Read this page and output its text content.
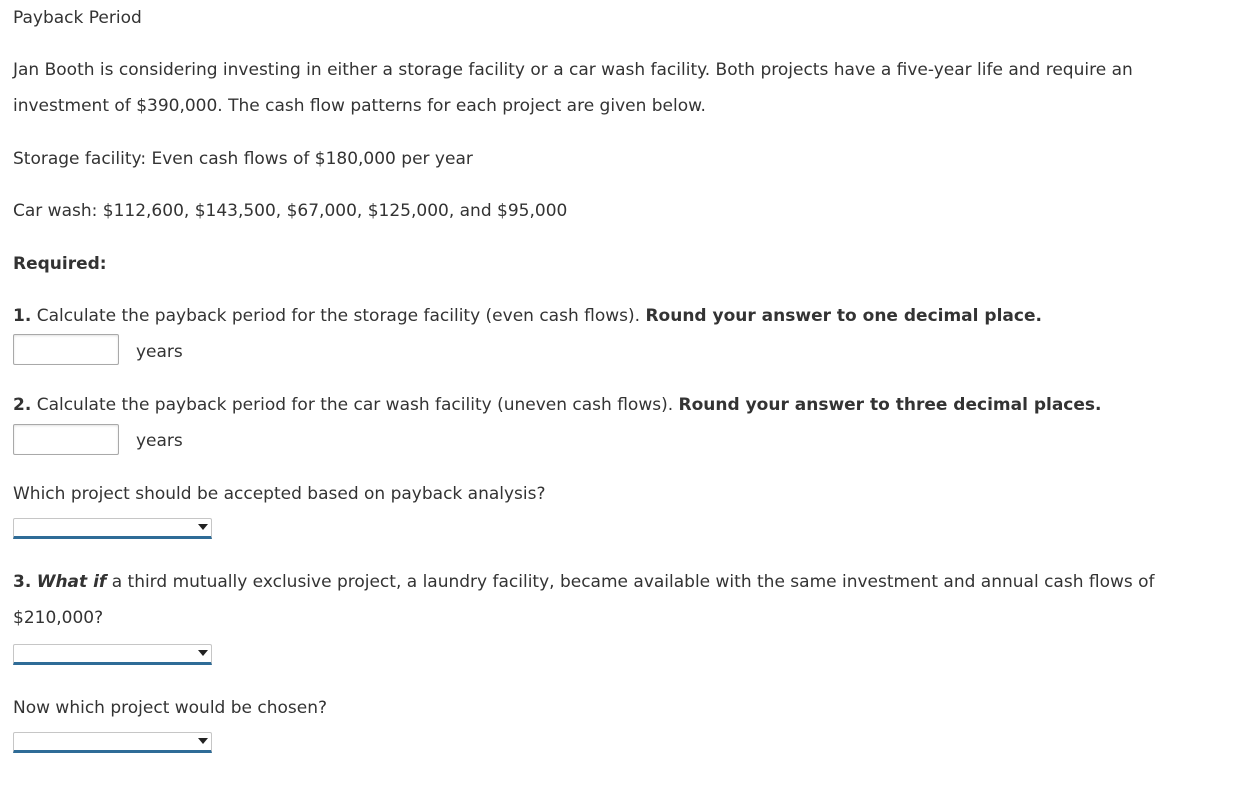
Payback Period
Jan Booth is considering investing in either a storage facility or a car wash facility. Both projects have a five-year life and require an
investment of $390,000. The cash flow patterns for each project are given below.
Storage facility: Even cash flows of $180,000 per year
Car wash: $112,600, $143,500, $67,000, $125,000, and $95,000
Required:
1. Calculate the payback period for the storage facility (even cash flows). Round your answer to one decimal place.
years
2. Calculate the payback period for the car wash facility (uneven cash flows). Round your answer to three decimal places.
years
Which project should be accepted based on payback analysis?
3. What if a third mutually exclusive project, a laundry facility, became available with the same investment and annual cash flows of
$210,000?
Now which project would be chosen?
